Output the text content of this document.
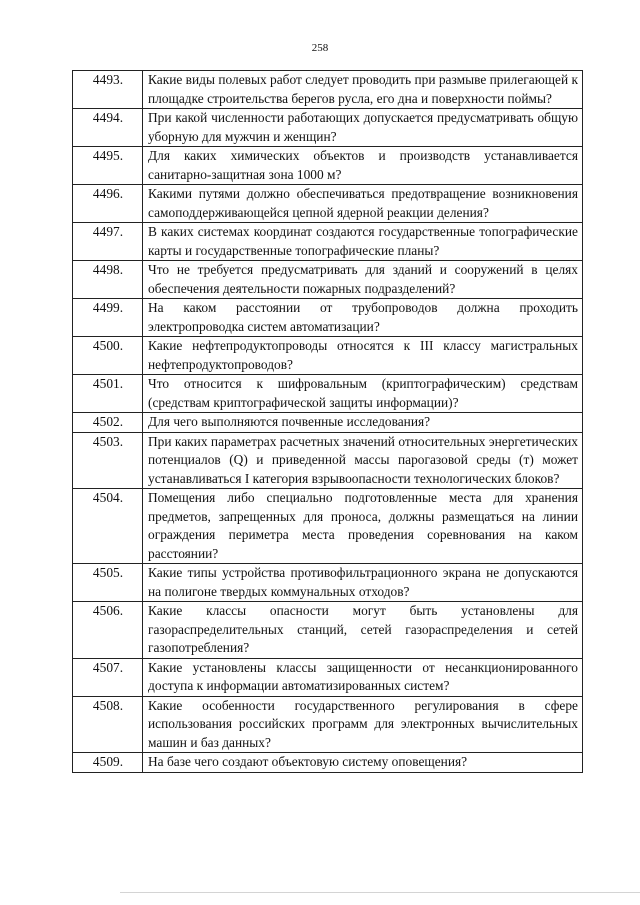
258
4493.	Какие виды полевых работ следует проводить при размыве прилегающей к площадке строительства берегов русла, его дна и поверхности поймы?
4494.	При какой численности работающих допускается предусматривать общую уборную для мужчин и женщин?
4495.	Для каких химических объектов и производств устанавливается санитарно-защитная зона 1000 м?
4496.	Какими путями должно обеспечиваться предотвращение возникновения самоподдерживающейся цепной ядерной реакции деления?
4497.	В каких системах координат создаются государственные топографические карты и государственные топографические планы?
4498.	Что не требуется предусматривать для зданий и сооружений в целях обеспечения деятельности пожарных подразделений?
4499.	На каком расстоянии от трубопроводов должна проходить электропроводка систем автоматизации?
4500.	Какие нефтепродуктопроводы относятся к III классу магистральных нефтепродуктопроводов?
4501.	Что относится к шифровальным (криптографическим) средствам (средствам криптографической защиты информации)?
4502.	Для чего выполняются почвенные исследования?
4503.	При каких параметрах расчетных значений относительных энергетических потенциалов (Q) и приведенной массы парогазовой среды (т) может устанавливаться I категория взрывоопасности технологических блоков?
4504.	Помещения либо специально подготовленные места для хранения предметов, запрещенных для проноса, должны размещаться на линии ограждения периметра места проведения соревнования на каком расстоянии?
4505.	Какие типы устройства противофильтрационного экрана не допускаются на полигоне твердых коммунальных отходов?
4506.	Какие классы опасности могут быть установлены для газораспределительных станций, сетей газораспределения и сетей газопотребления?
4507.	Какие установлены классы защищенности от несанкционированного доступа к информации автоматизированных систем?
4508.	Какие особенности государственного регулирования в сфере использования российских программ для электронных вычислительных машин и баз данных?
4509.	На базе чего создают объектовую систему оповещения?
